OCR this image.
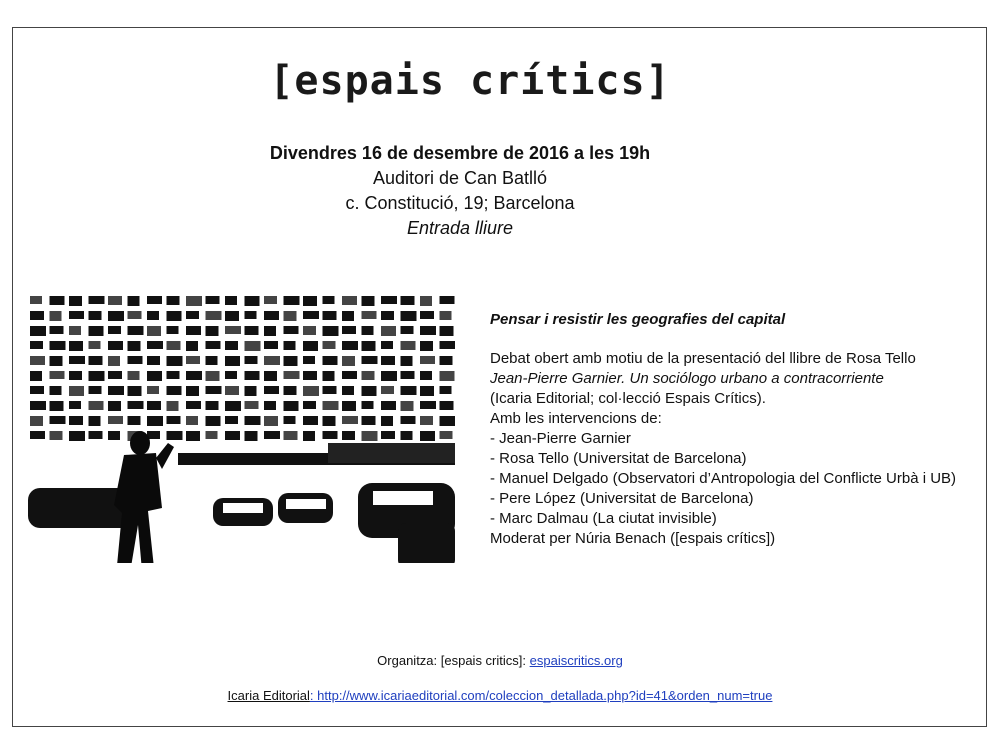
[espais crítics]
Divendres 16 de desembre de 2016 a les 19h
Auditori de Can Batlló
c. Constitució, 19; Barcelona
Entrada lliure
Pensar i resistir les geografies del capital
Debat obert amb motiu de la presentació del llibre de Rosa Tello
Jean-Pierre Garnier. Un sociólogo urbano a contracorriente
(Icaria Editorial; col·lecció Espais Crítics).
Amb les intervencions de:
- Jean-Pierre Garnier
- Rosa Tello (Universitat de Barcelona)
- Manuel Delgado (Observatori d’Antropologia del Conflicte Urbà i UB)
- Pere López (Universitat de Barcelona)
- Marc Dalmau (La ciutat invisible)
Moderat per Núria Benach ([espais crítics])
Organitza: [espais critics]: espaiscritics.org
Icaria Editorial: http://www.icariaeditorial.com/coleccion_detallada.php?id=41&orden_num=true
